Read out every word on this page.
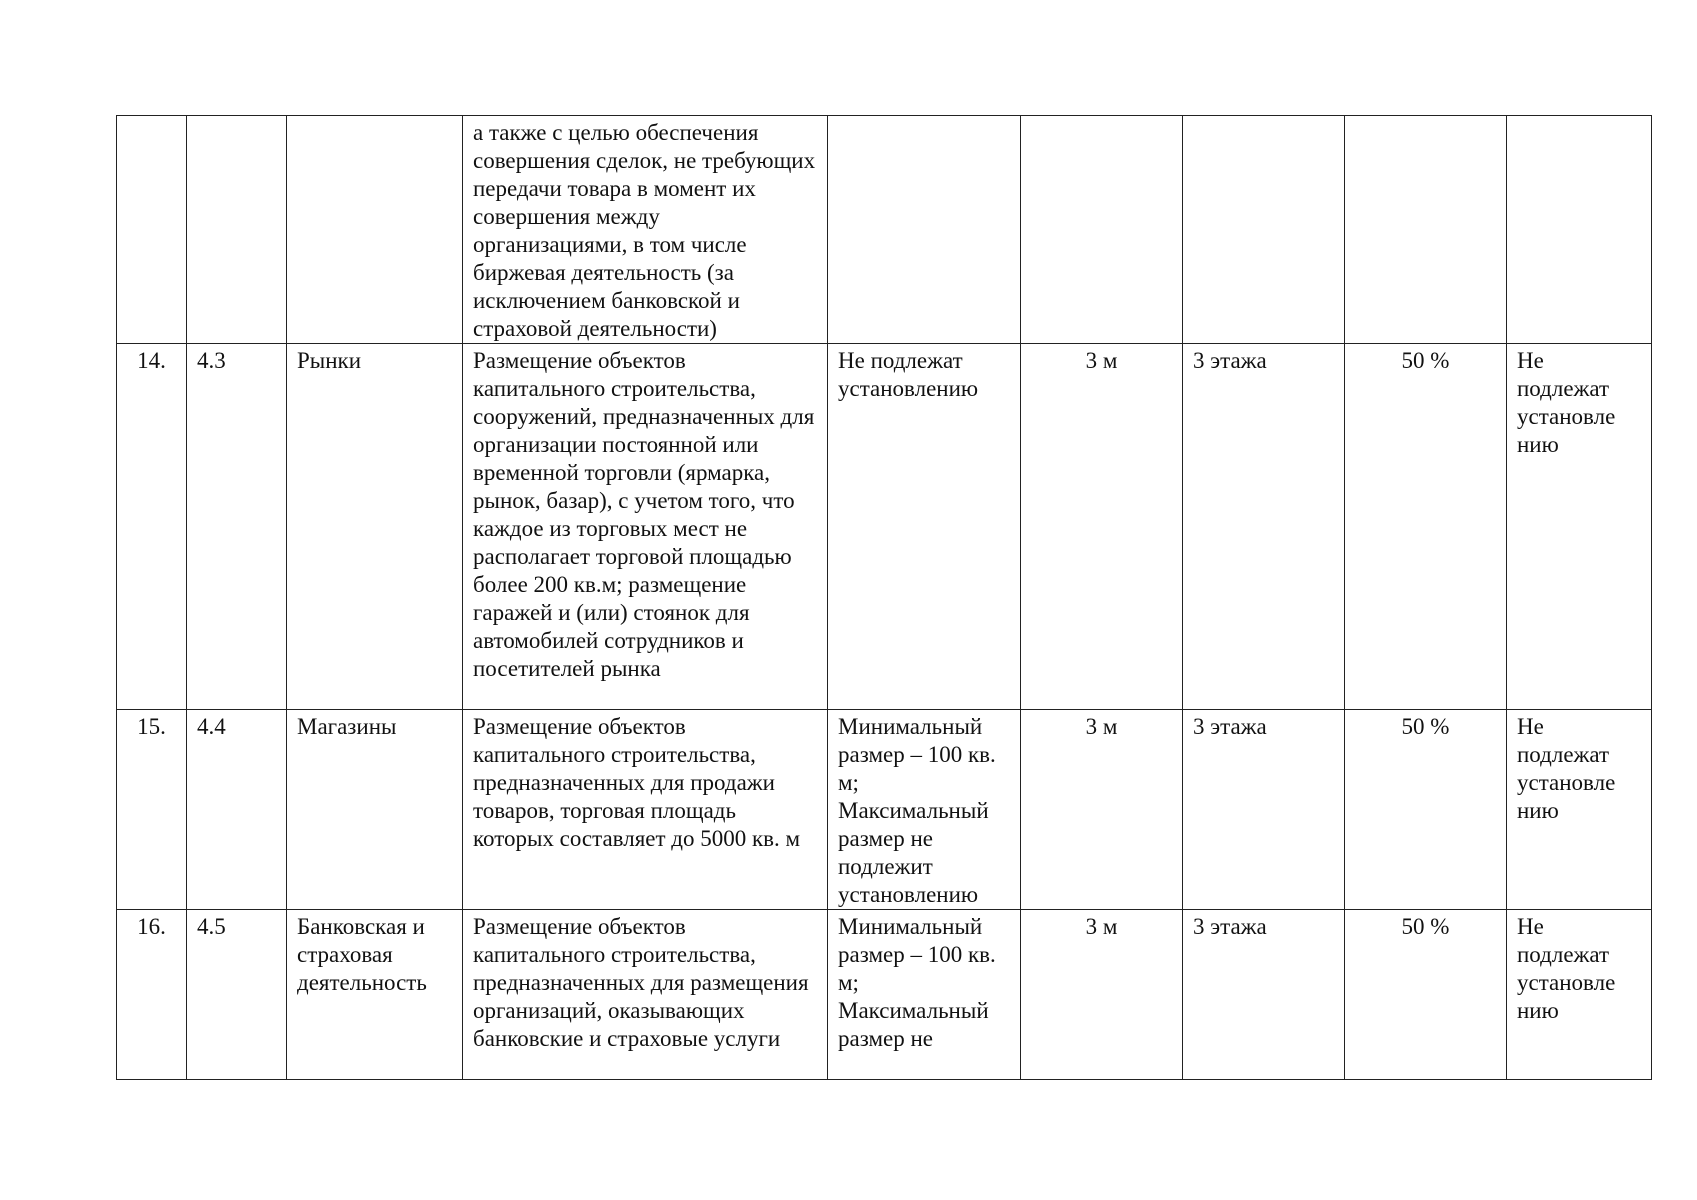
			а также с целью обеспечения совершения сделок, не требующих передачи товара в момент их совершения между организациями, в том числе биржевая деятельность (за исключением банковской и страховой деятельности)					
14.	4.3	Рынки	Размещение объектов капитального строительства, сооружений, предназначенных для организации постоянной или временной торговли (ярмарка, рынок, базар), с учетом того, что каждое из торговых мест не располагает торговой площадью более 200 кв.м; размещение гаражей и (или) стоянок для автомобилей сотрудников и посетителей рынка	Не подлежат установлению	3 м	3 этажа	50 %	Не подлежат установле нию
15.	4.4	Магазины	Размещение объектов капитального строительства, предназначенных для продажи товаров, торговая площадь которых составляет до 5000 кв. м	Минимальный размер – 100 кв. м; Максимальный размер не подлежит установлению	3 м	3 этажа	50 %	Не подлежат установле нию
16.	4.5	Банковская и страховая деятельность	Размещение объектов капитального строительства, предназначенных для размещения организаций, оказывающих банковские и страховые услуги	Минимальный размер – 100 кв. м; Максимальный размер не	3 м	3 этажа	50 %	Не подлежат установле нию
